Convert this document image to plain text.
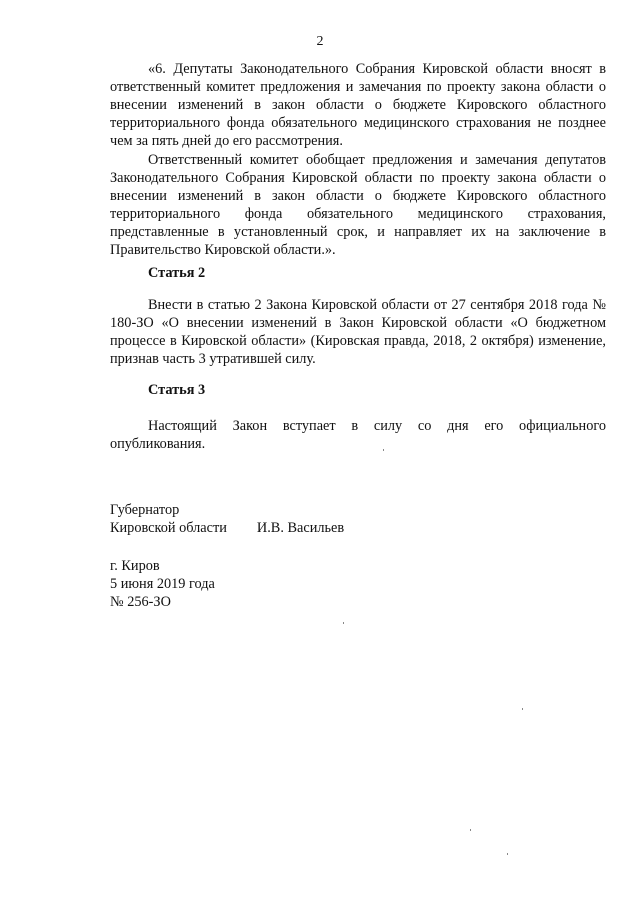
2

«6. Депутаты Законодательного Собрания Кировской области вносят в ответственный комитет предложения и замечания по проекту закона области о внесении изменений в закон области о бюджете Кировского областного территориального фонда обязательного медицинского страхования не позднее чем за пять дней до его рассмотрения.

Ответственный комитет обобщает предложения и замечания депутатов Законодательного Собрания Кировской области по проекту закона области о внесении изменений в закон области о бюджете Кировского областного территориального фонда обязательного медицинского страхования, представленные в установленный срок, и направляет их на заключение в Правительство Кировской области.».

Статья 2

Внести в статью 2 Закона Кировской области от 27 сентября 2018 года № 180-ЗО «О внесении изменений в Закон Кировской области «О бюджетном процессе в Кировской области» (Кировская правда, 2018, 2 октября) изменение, признав часть 3 утратившей силу.

Статья 3

Настоящий Закон вступает в силу со дня его официального опубликования.

Губернатор
Кировской области И.В. Васильев
г. Киров
5 июня 2019 года
№ 256-ЗО
